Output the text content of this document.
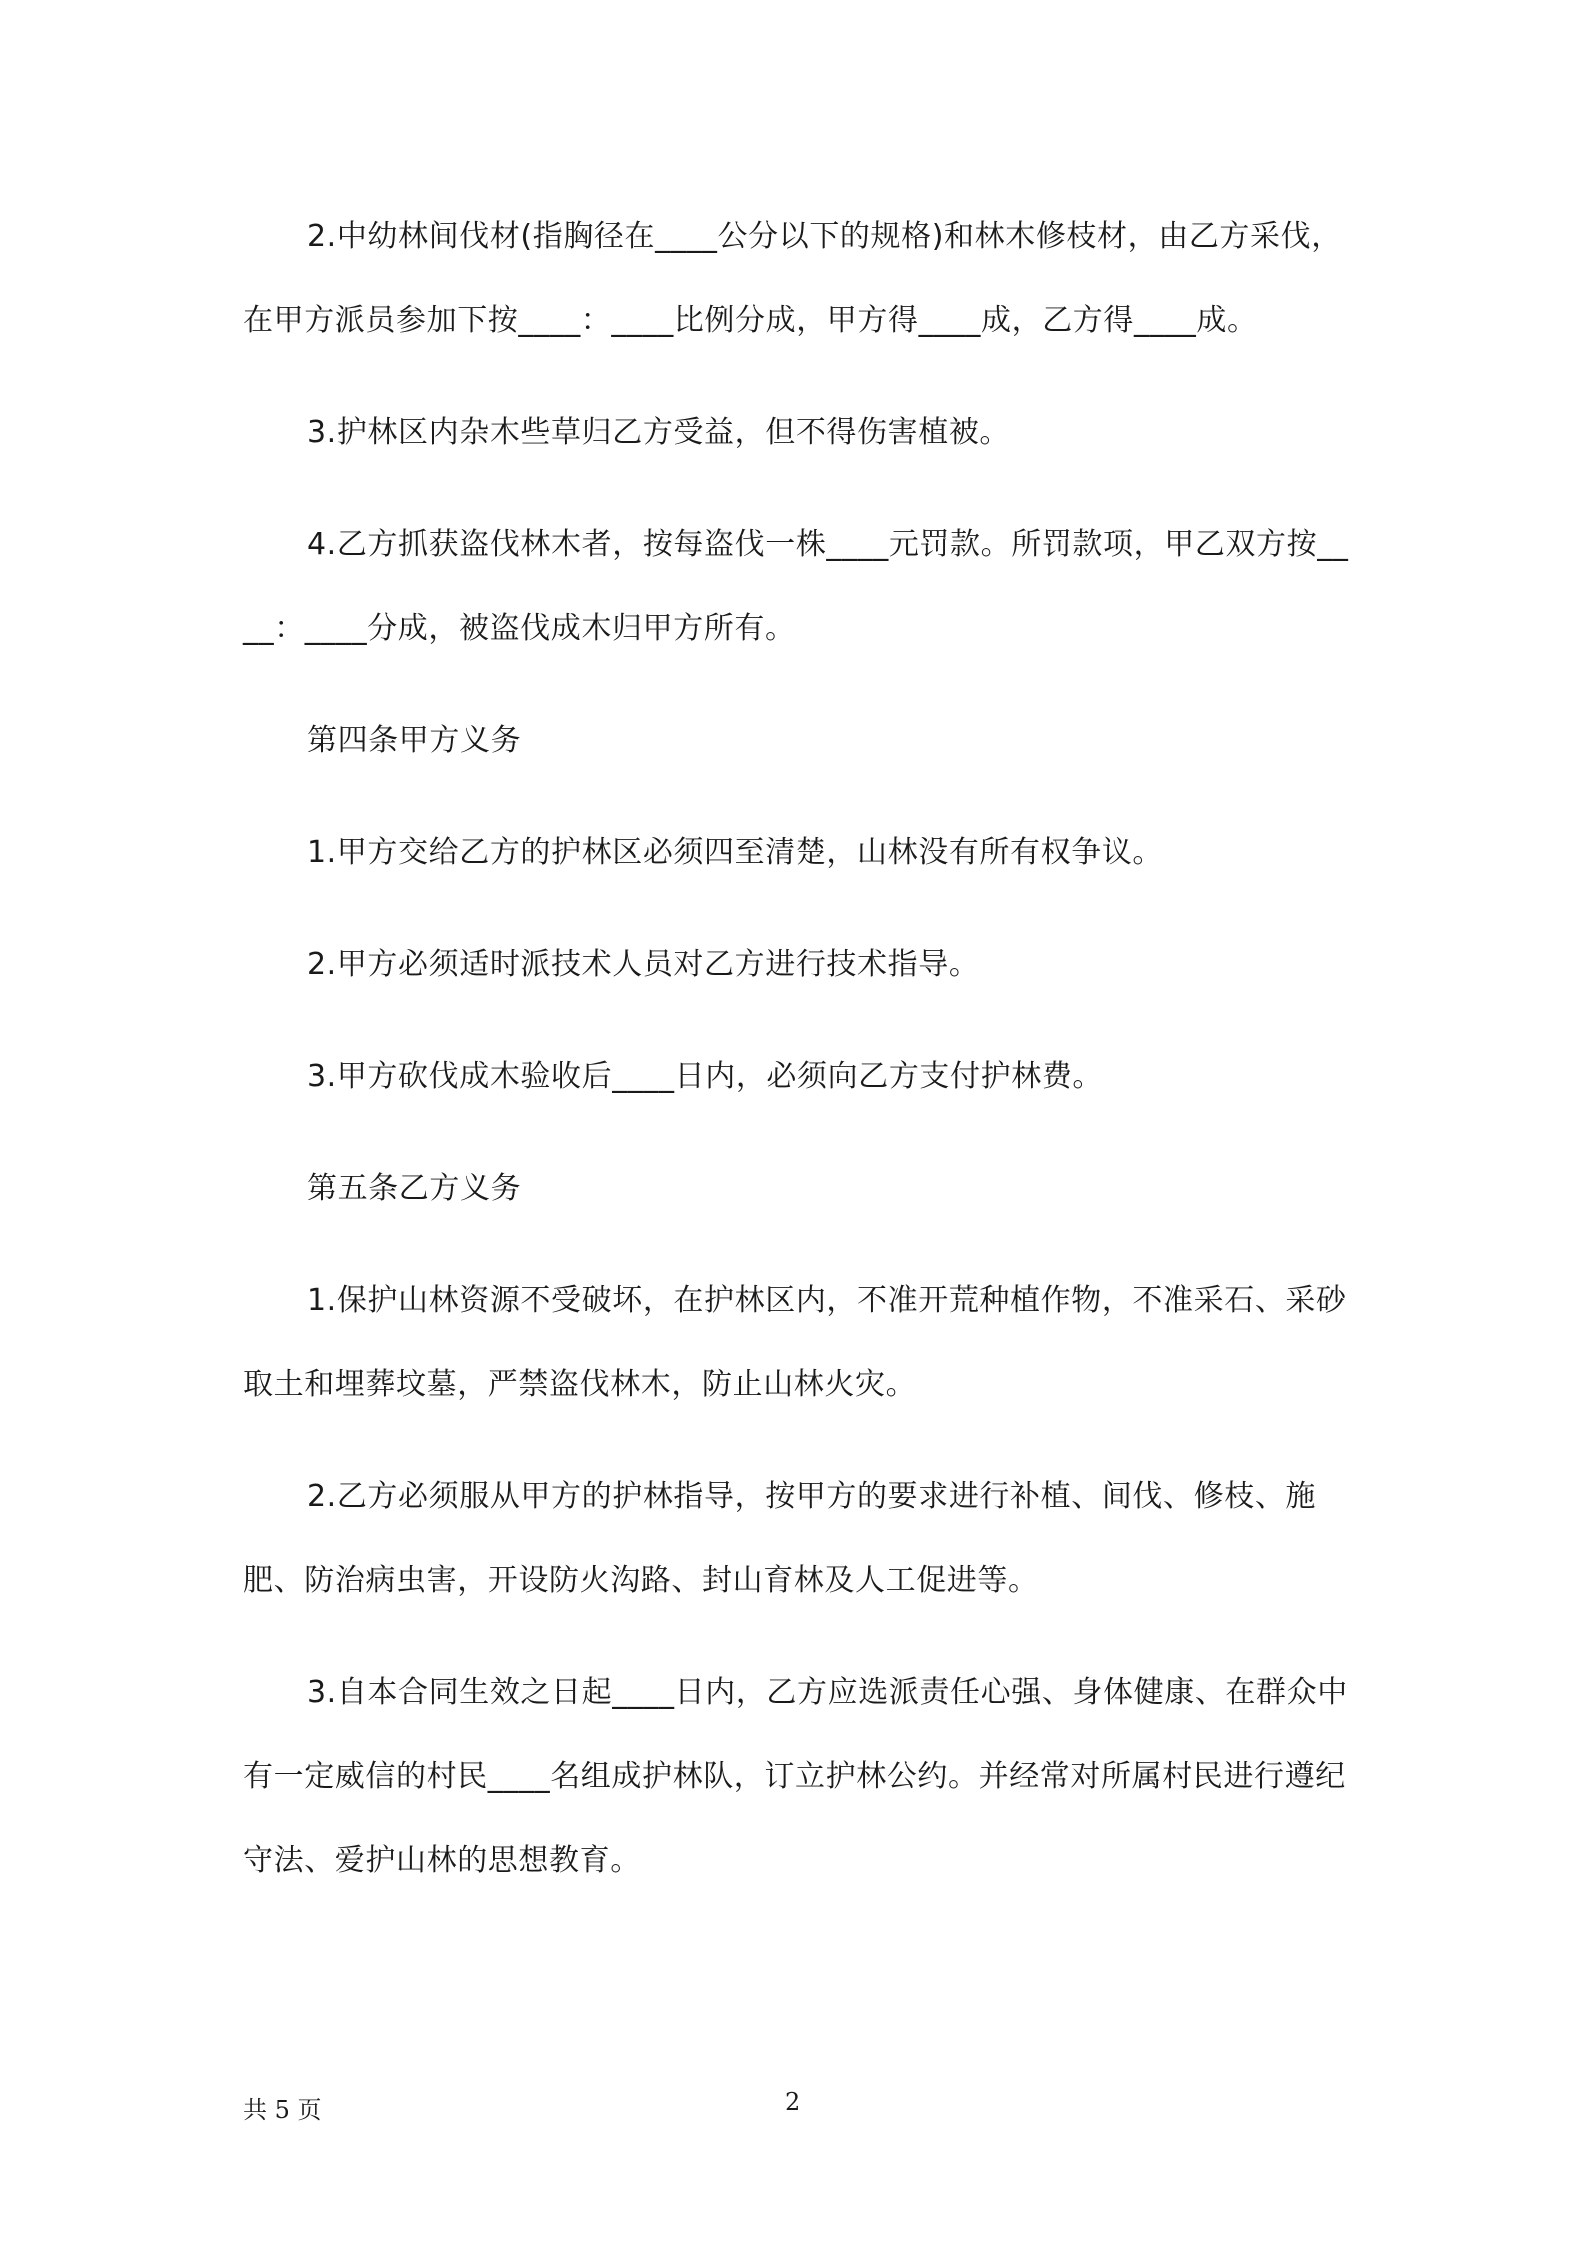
2.中幼林间伐材(指胸径在____公分以下的规格)和林木修枝材，由乙方采伐，在甲方派员参加下按____：____比例分成，甲方得____成，乙方得____成。

3.护林区内杂木些草归乙方受益，但不得伤害植被。

4.乙方抓获盗伐林木者，按每盗伐一株____元罚款。所罚款项，甲乙双方按____：____分成，被盗伐成木归甲方所有。

第四条甲方义务

1.甲方交给乙方的护林区必须四至清楚，山林没有所有权争议。

2.甲方必须适时派技术人员对乙方进行技术指导。

3.甲方砍伐成木验收后____日内，必须向乙方支付护林费。

第五条乙方义务

1.保护山林资源不受破坏，在护林区内，不准开荒种植作物，不准采石、采砂取土和埋葬坟墓，严禁盗伐林木，防止山林火灾。

2.乙方必须服从甲方的护林指导，按甲方的要求进行补植、间伐、修枝、施肥、防治病虫害，开设防火沟路、封山育林及人工促进等。

3.自本合同生效之日起____日内，乙方应选派责任心强、身体健康、在群众中有一定威信的村民____名组成护林队，订立护林公约。并经常对所属村民进行遵纪守法、爱护山林的思想教育。

共 5 页	2
